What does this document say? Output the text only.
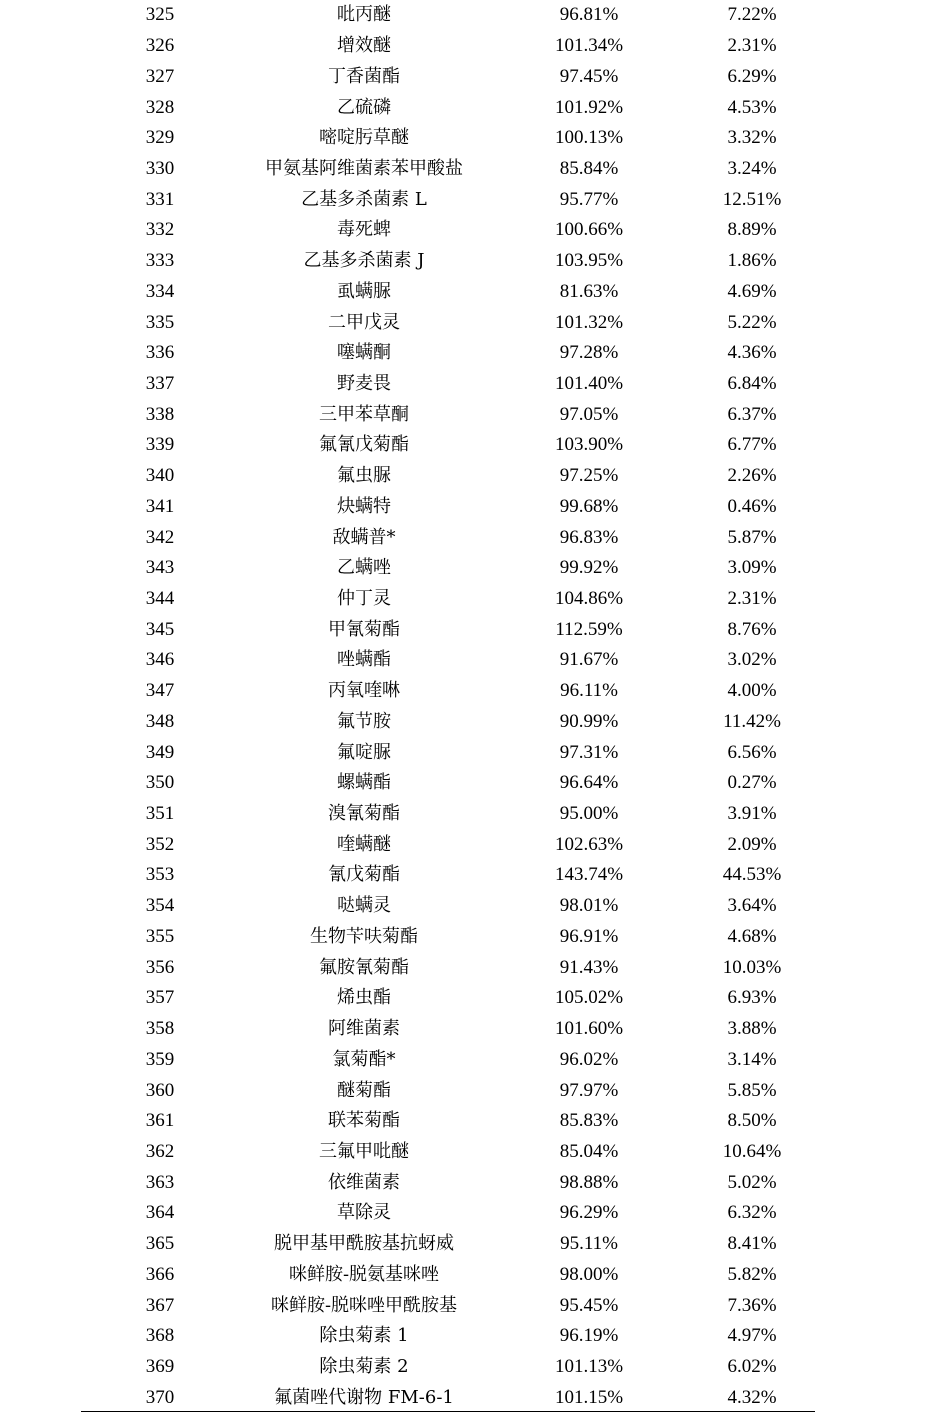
325	吡丙醚	96.81%	7.22%
326	增效醚	101.34%	2.31%
327	丁香菌酯	97.45%	6.29%
328	乙硫磷	101.92%	4.53%
329	嘧啶肟草醚	100.13%	3.32%
330	甲氨基阿维菌素苯甲酸盐	85.84%	3.24%
331	乙基多杀菌素 L	95.77%	12.51%
332	毒死蜱	100.66%	8.89%
333	乙基多杀菌素 J	103.95%	1.86%
334	虱螨脲	81.63%	4.69%
335	二甲戊灵	101.32%	5.22%
336	噻螨酮	97.28%	4.36%
337	野麦畏	101.40%	6.84%
338	三甲苯草酮	97.05%	6.37%
339	氟氰戊菊酯	103.90%	6.77%
340	氟虫脲	97.25%	2.26%
341	炔螨特	99.68%	0.46%
342	敌螨普*	96.83%	5.87%
343	乙螨唑	99.92%	3.09%
344	仲丁灵	104.86%	2.31%
345	甲氰菊酯	112.59%	8.76%
346	唑螨酯	91.67%	3.02%
347	丙氧喹啉	96.11%	4.00%
348	氟节胺	90.99%	11.42%
349	氟啶脲	97.31%	6.56%
350	螺螨酯	96.64%	0.27%
351	溴氰菊酯	95.00%	3.91%
352	喹螨醚	102.63%	2.09%
353	氰戊菊酯	143.74%	44.53%
354	哒螨灵	98.01%	3.64%
355	生物苄呋菊酯	96.91%	4.68%
356	氟胺氰菊酯	91.43%	10.03%
357	烯虫酯	105.02%	6.93%
358	阿维菌素	101.60%	3.88%
359	氯菊酯*	96.02%	3.14%
360	醚菊酯	97.97%	5.85%
361	联苯菊酯	85.83%	8.50%
362	三氟甲吡醚	85.04%	10.64%
363	依维菌素	98.88%	5.02%
364	草除灵	96.29%	6.32%
365	脱甲基甲酰胺基抗蚜威	95.11%	8.41%
366	咪鲜胺-脱氨基咪唑	98.00%	5.82%
367	咪鲜胺-脱咪唑甲酰胺基	95.45%	7.36%
368	除虫菊素 1	96.19%	4.97%
369	除虫菊素 2	101.13%	6.02%
370	氟菌唑代谢物 FM-6-1	101.15%	4.32%
